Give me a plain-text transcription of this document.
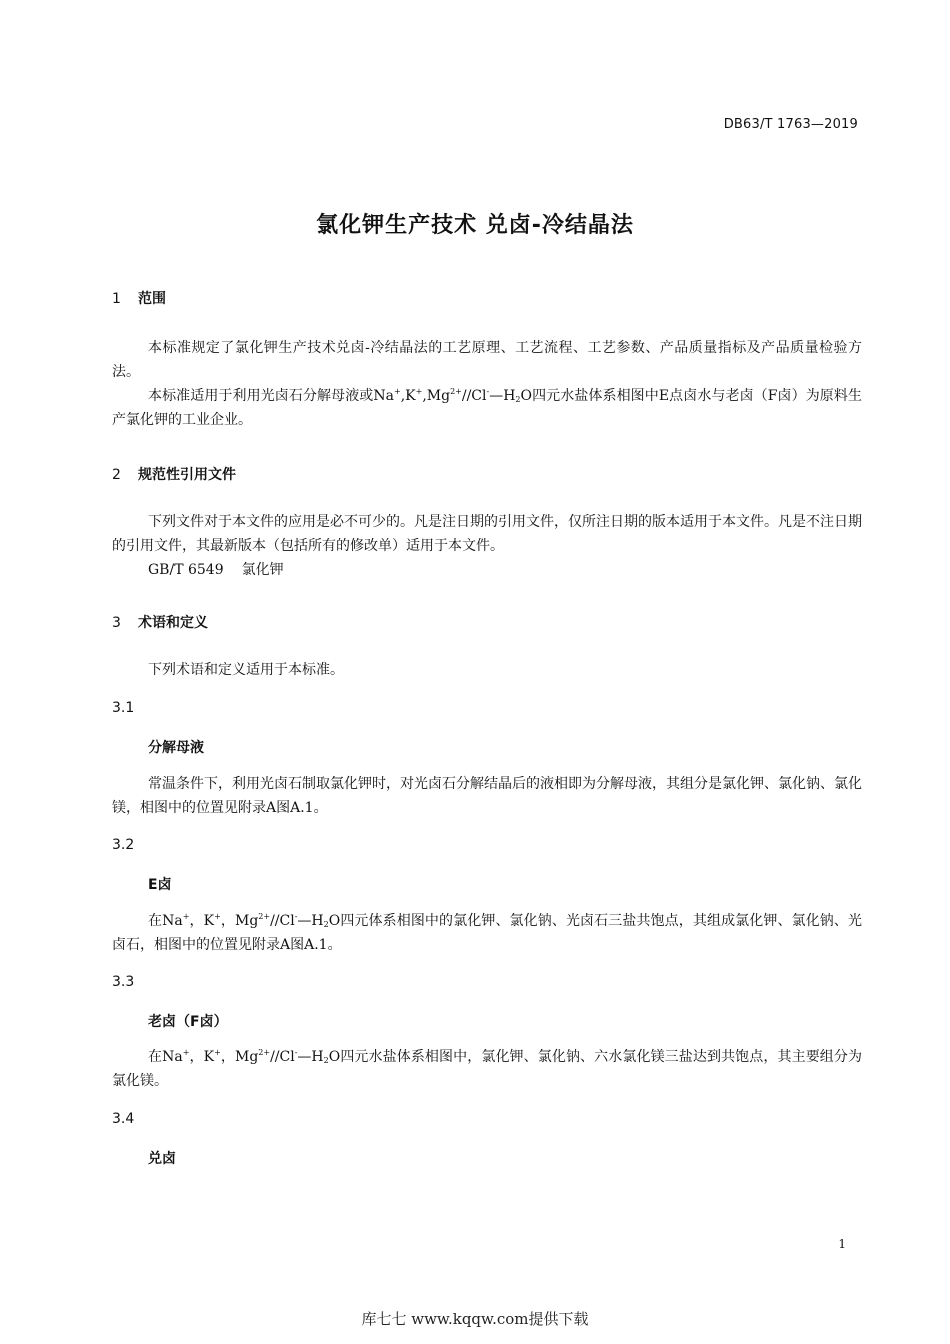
DB63/T 1763—2019
氯化钾生产技术 兑卤-冷结晶法
1 范围
本标准规定了氯化钾生产技术兑卤-冷结晶法的工艺原理、工艺流程、工艺参数、产品质量指标及产品质量检验方法。
本标准适用于利用光卤石分解母液或$Na^+,K^+,Mg^{2+}//Cl^-—H_2O$四元水盐体系相图中E点卤水与老卤（F卤）为原料生产氯化钾的工业企业。
2 规范性引用文件
下列文件对于本文件的应用是必不可少的。凡是注日期的引用文件，仅所注日期的版本适用于本文件。凡是不注日期的引用文件，其最新版本（包括所有的修改单）适用于本文件。
GB/T 6549 氯化钾
3 术语和定义
下列术语和定义适用于本标准。
3.1
分解母液
常温条件下，利用光卤石制取氯化钾时，对光卤石分解结晶后的液相即为分解母液，其组分是氯化钾、氯化钠、氯化镁，相图中的位置见附录A图A.1。
3.2
E卤
在Na+，K+，$Mg^{2+}//Cl^-—H_2O$四元体系相图中的氯化钾、氯化钠、光卤石三盐共饱点，其组成氯化钾、氯化钠、光卤石，相图中的位置见附录A图A.1。
3.3
老卤（F卤）
在Na+，K+，$Mg^{2+}//Cl^-—H_2O$四元水盐体系相图中，氯化钾、氯化钠、六水氯化镁三盐达到共饱点，其主要组分为氯化镁。
3.4
兑卤
1
库七七 www.kqqw.com提供下载
